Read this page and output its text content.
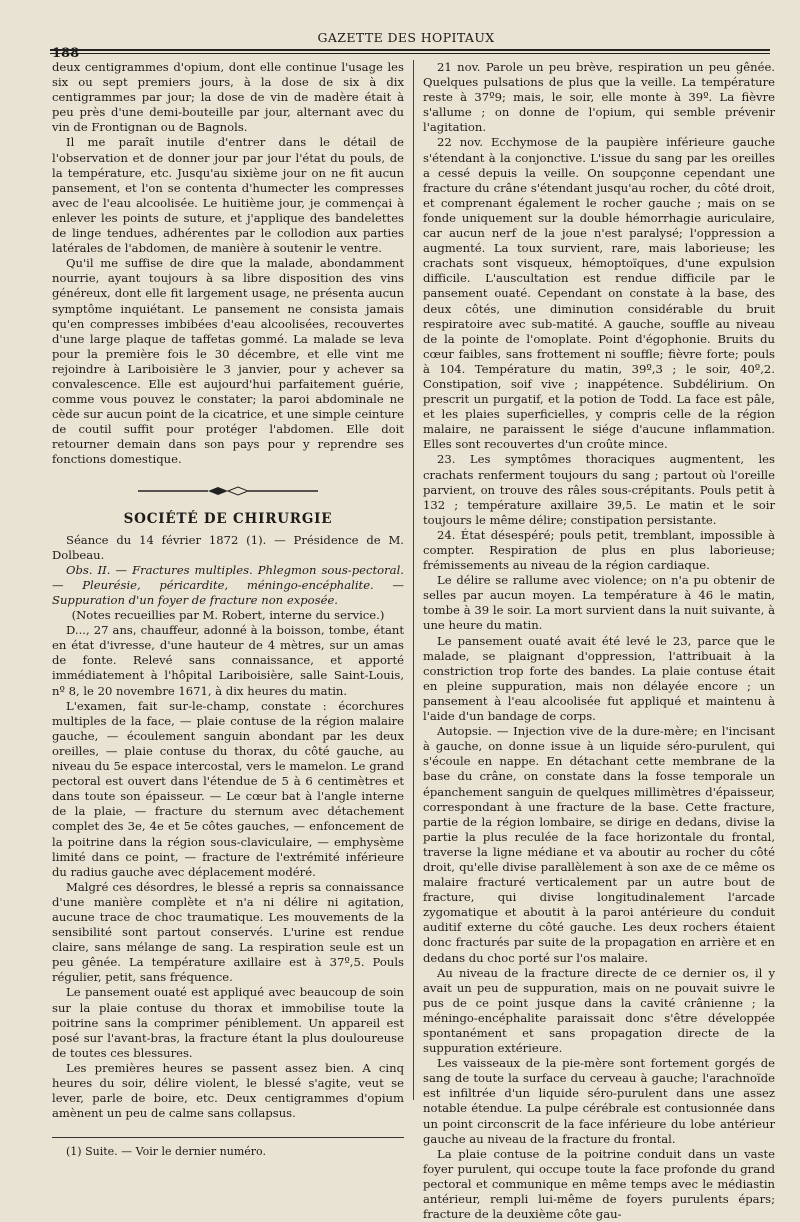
188
GAZETTE DES HOPITAUX

deux centigrammes d'opium, dont elle continue l'usage les six ou sept premiers jours, à la dose de six à dix centigrammes par jour; la dose de vin de madère était à peu près d'une demi-bouteille par jour, alternant avec du vin de Frontignan ou de Bagnols.

Il me paraît inutile d'entrer dans le détail de l'observation et de donner jour par jour l'état du pouls, de la température, etc. Jusqu'au sixième jour on ne fit aucun pansement, et l'on se contenta d'humecter les compresses avec de l'eau alcoolisée. Le huitième jour, je commençai à enlever les points de suture, et j'applique des bandelettes de linge tendues, adhérentes par le collodion aux parties latérales de l'abdomen, de manière à soutenir le ventre.

Qu'il me suffise de dire que la malade, abondamment nourrie, ayant toujours à sa libre disposition des vins généreux, dont elle fit largement usage, ne présenta aucun symptôme inquiétant. Le pansement ne consista jamais qu'en compresses imbibées d'eau alcoolisées, recouvertes d'une large plaque de taffetas gommé. La malade se leva pour la première fois le 30 décembre, et elle vint me rejoindre à Lariboisière le 3 janvier, pour y achever sa convalescence. Elle est aujourd'hui parfaitement guérie, comme vous pouvez le constater; la paroi abdominale ne cède sur aucun point de la cicatrice, et une simple ceinture de coutil suffit pour protéger l'abdomen. Elle doit retourner demain dans son pays pour y reprendre ses fonctions domestique.

SOCIÉTÉ DE CHIRURGIE

Séance du 14 février 1872 (1). — Présidence de M. Dolbeau.

Obs. II. — Fractures multiples. Phlegmon sous-pectoral. — Pleurésie, péricardite, méningo-encéphalite. — Suppuration d'un foyer de fracture non exposée.

(Notes recueillies par M. Robert, interne du service.)

D..., 27 ans, chauffeur, adonné à la boisson, tombe, étant en état d'ivresse, d'une hauteur de 4 mètres, sur un amas de fonte. Relevé sans connaissance, et apporté immédiatement à l'hôpital Lariboisière, salle Saint-Louis, nº 8, le 20 novembre 1671, à dix heures du matin.

L'examen, fait sur-le-champ, constate : écorchures multiples de la face, — plaie contuse de la région malaire gauche, — écoulement sanguin abondant par les deux oreilles, — plaie contuse du thorax, du côté gauche, au niveau du 5e espace intercostal, vers le mamelon. Le grand pectoral est ouvert dans l'étendue de 5 à 6 centimètres et dans toute son épaisseur. — Le cœur bat à l'angle interne de la plaie, — fracture du sternum avec détachement complet des 3e, 4e et 5e côtes gauches, — enfoncement de la poitrine dans la région sous-claviculaire, — emphysème limité dans ce point, — fracture de l'extrémité inférieure du radius gauche avec déplacement modéré.

Malgré ces désordres, le blessé a repris sa connaissance d'une manière complète et n'a ni délire ni agitation, aucune trace de choc traumatique. Les mouvements de la sensibilité sont partout conservés. L'urine est rendue claire, sans mélange de sang. La respiration seule est un peu gênée. La température axillaire est à 37º,5. Pouls régulier, petit, sans fréquence.

Le pansement ouaté est appliqué avec beaucoup de soin sur la plaie contuse du thorax et immobilise toute la poitrine sans la comprimer péniblement. Un appareil est posé sur l'avant-bras, la fracture étant la plus douloureuse de toutes ces blessures.

Les premières heures se passent assez bien. A cinq heures du soir, délire violent, le blessé s'agite, veut se lever, parle de boire, etc. Deux centigrammes d'opium amènent un peu de calme sans collapsus.

(1) Suite. — Voir le dernier numéro.

21 nov. Parole un peu brève, respiration un peu gênée. Quelques pulsations de plus que la veille. La température reste à 37º9; mais, le soir, elle monte à 39º. La fièvre s'allume ; on donne de l'opium, qui semble prévenir l'agitation.

22 nov. Ecchymose de la paupière inférieure gauche s'étendant à la conjonctive. L'issue du sang par les oreilles a cessé depuis la veille. On soupçonne cependant une fracture du crâne s'étendant jusqu'au rocher, du côté droit, et comprenant également le rocher gauche ; mais on se fonde uniquement sur la double hémorrhagie auriculaire, car aucun nerf de la joue n'est paralysé; l'oppression a augmenté. La toux survient, rare, mais laborieuse; les crachats sont visqueux, hémoptoïques, d'une expulsion difficile. L'auscultation est rendue difficile par le pansement ouaté. Cependant on constate à la base, des deux côtés, une diminution considérable du bruit respiratoire avec sub-matité. A gauche, souffle au niveau de la pointe de l'omoplate. Point d'égophonie. Bruits du cœur faibles, sans frottement ni souffle; fièvre forte; pouls à 104. Température du matin, 39º,3 ; le soir, 40º,2. Constipation, soif vive ; inappétence. Subdélirium. On prescrit un purgatif, et la potion de Todd. La face est pâle, et les plaies superficielles, y compris celle de la région malaire, ne paraissent le siége d'aucune inflammation. Elles sont recouvertes d'un croûte mince.

23. Les symptômes thoraciques augmentent, les crachats renferment toujours du sang ; partout où l'oreille parvient, on trouve des râles sous-crépitants. Pouls petit à 132 ; température axillaire 39,5. Le matin et le soir toujours le même délire; constipation persistante.

24. État désespéré; pouls petit, tremblant, impossible à compter. Respiration de plus en plus laborieuse; frémissements au niveau de la région cardiaque.

Le délire se rallume avec violence; on n'a pu obtenir de selles par aucun moyen. La température à 46 le matin, tombe à 39 le soir. La mort survient dans la nuit suivante, à une heure du matin.

Le pansement ouaté avait été levé le 23, parce que le malade, se plaignant d'oppression, l'attribuait à la constriction trop forte des bandes. La plaie contuse était en pleine suppuration, mais non délayée encore ; un pansement à l'eau alcoolisée fut appliqué et maintenu à l'aide d'un bandage de corps.

Autopsie. — Injection vive de la dure-mère; en l'incisant à gauche, on donne issue à un liquide séro-purulent, qui s'écoule en nappe. En détachant cette membrane de la base du crâne, on constate dans la fosse temporale un épanchement sanguin de quelques millimètres d'épaisseur, correspondant à une fracture de la base. Cette fracture, partie de la région lombaire, se dirige en dedans, divise la partie la plus reculée de la face horizontale du frontal, traverse la ligne médiane et va aboutir au rocher du côté droit, qu'elle divise parallèlement à son axe de ce même os malaire fracturé verticalement par un autre bout de fracture, qui divise longitudinalement l'arcade zygomatique et aboutit à la paroi antérieure du conduit auditif externe du côté gauche. Les deux rochers étaient donc fracturés par suite de la propagation en arrière et en dedans du choc porté sur l'os malaire.

Au niveau de la fracture directe de ce dernier os, il y avait un peu de suppuration, mais on ne pouvait suivre le pus de ce point jusque dans la cavité crânienne ; la méningo-encéphalite paraissait donc s'être développée spontanément et sans propagation directe de la suppuration extérieure.

Les vaisseaux de la pie-mère sont fortement gorgés de sang de toute la surface du cerveau à gauche; l'arachnoïde est infiltrée d'un liquide séro-purulent dans une assez notable étendue. La pulpe cérébrale est contusionnée dans un point circonscrit de la face inférieure du lobe antérieur gauche au niveau de la fracture du frontal.

La plaie contuse de la poitrine conduit dans un vaste foyer purulent, qui occupe toute la face profonde du grand pectoral et communique en même temps avec le médiastin antérieur, rempli lui-même de foyers purulents épars; fracture de la deuxième côte gau-
